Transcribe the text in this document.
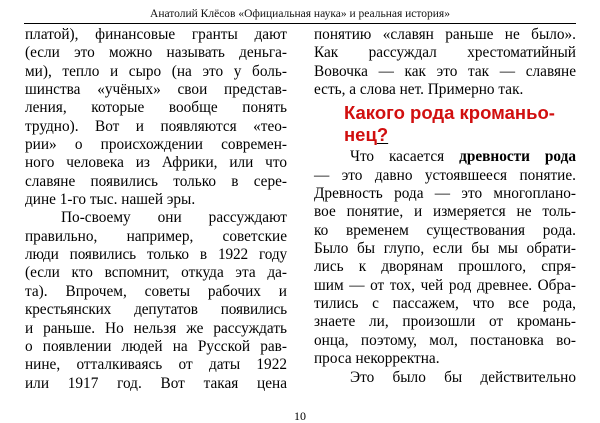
Анатолий Клёсов «Официальная наука» и реальная история»
платой), финансовые гранты дают
(если это можно называть деньга-
ми), тепло и сыро (на это у боль-
шинства «учёных» свои представ-
ления, которые вообще понять
трудно). Вот и появляются «тео-
рии» о происхождении современ-
ного человека из Африки, или что
славяне появились только в сере-
дине 1-го тыс. нашей эры.
По-своему они рассуждают
правильно, например, советские
люди появились только в 1922 году
(если кто вспомнит, откуда эта да-
та). Впрочем, советы рабочих и
крестьянских депутатов появились
и раньше. Но нельзя же рассуждать
о появлении людей на Русской рав-
нине, отталкиваясь от даты 1922
или 1917 год. Вот такая цена
понятию «славян раньше не было».
Как рассуждал хрестоматийный
Вовочка — как это так — славяне
есть, а слова нет. Примерно так.
Какого рода кроманьо-
нец?
Что касается древности рода
— это давно устоявшееся понятие.
Древность рода — это многоплано-
вое понятие, и измеряется не толь-
ко временем существования рода.
Было бы глупо, если бы мы обрати-
лись к дворянам прошлого, спря-
шим — от тох, чей род древнее. Обра-
тились с пассажем, что все рода,
знаете ли, произошли от кромань-
онца, поэтому, мол, постановка во-
проса некорректна.
Это было бы действительно
10
